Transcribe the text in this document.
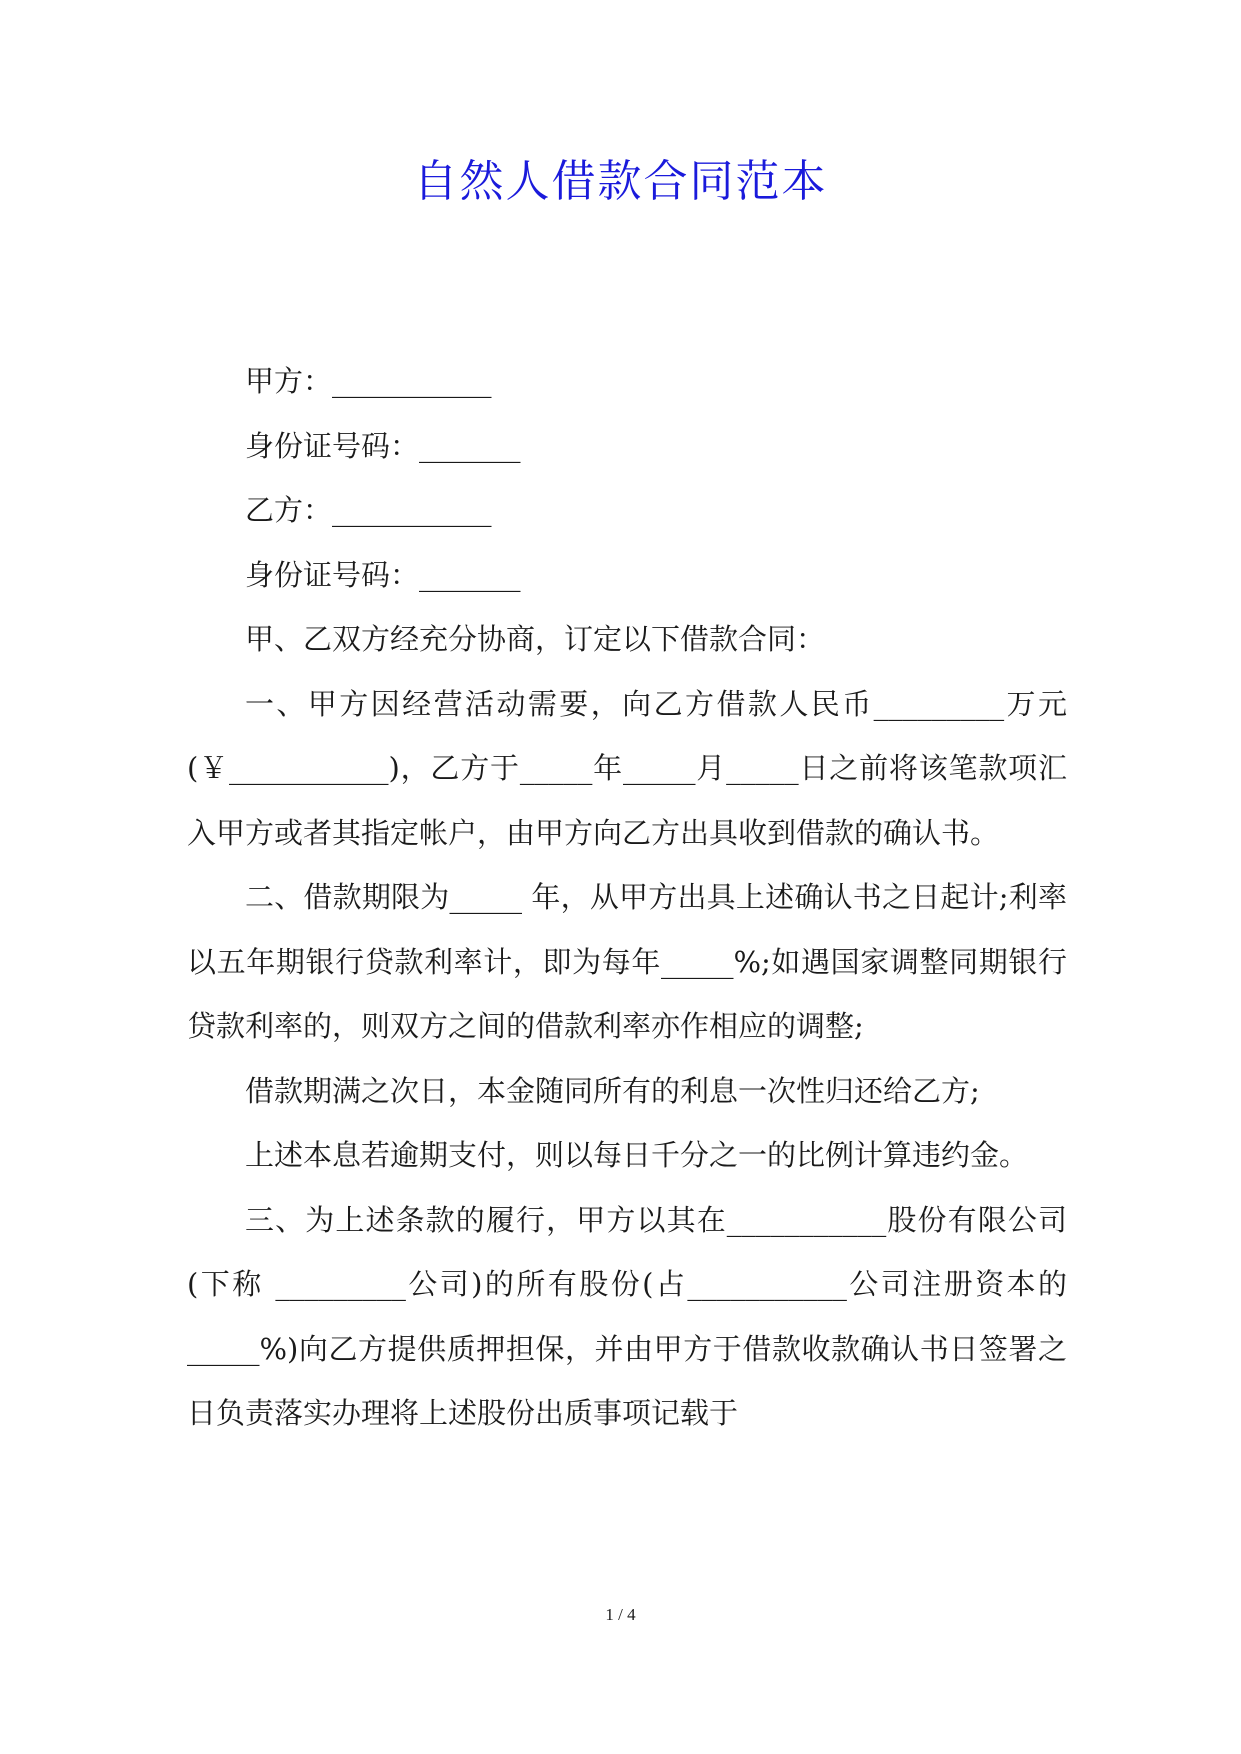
自然人借款合同范本

甲方：___________

身份证号码：_______

乙方：___________

身份证号码：_______

甲、乙双方经充分协商，订定以下借款合同：

一、甲方因经营活动需要，向乙方借款人民币_________万元(￥___________)，乙方于_____年_____月_____日之前将该笔款项汇入甲方或者其指定帐户，由甲方向乙方出具收到借款的确认书。

二、借款期限为_____ 年，从甲方出具上述确认书之日起计;利率以五年期银行贷款利率计，即为每年_____%;如遇国家调整同期银行贷款利率的，则双方之间的借款利率亦作相应的调整;

借款期满之次日，本金随同所有的利息一次性归还给乙方;

上述本息若逾期支付，则以每日千分之一的比例计算违约金。

三、为上述条款的履行，甲方以其在___________股份有限公司(下称 _________公司)的所有股份(占___________公司注册资本的 _____%)向乙方提供质押担保，并由甲方于借款收款确认书日签署之日负责落实办理将上述股份出质事项记载于

1 / 4
